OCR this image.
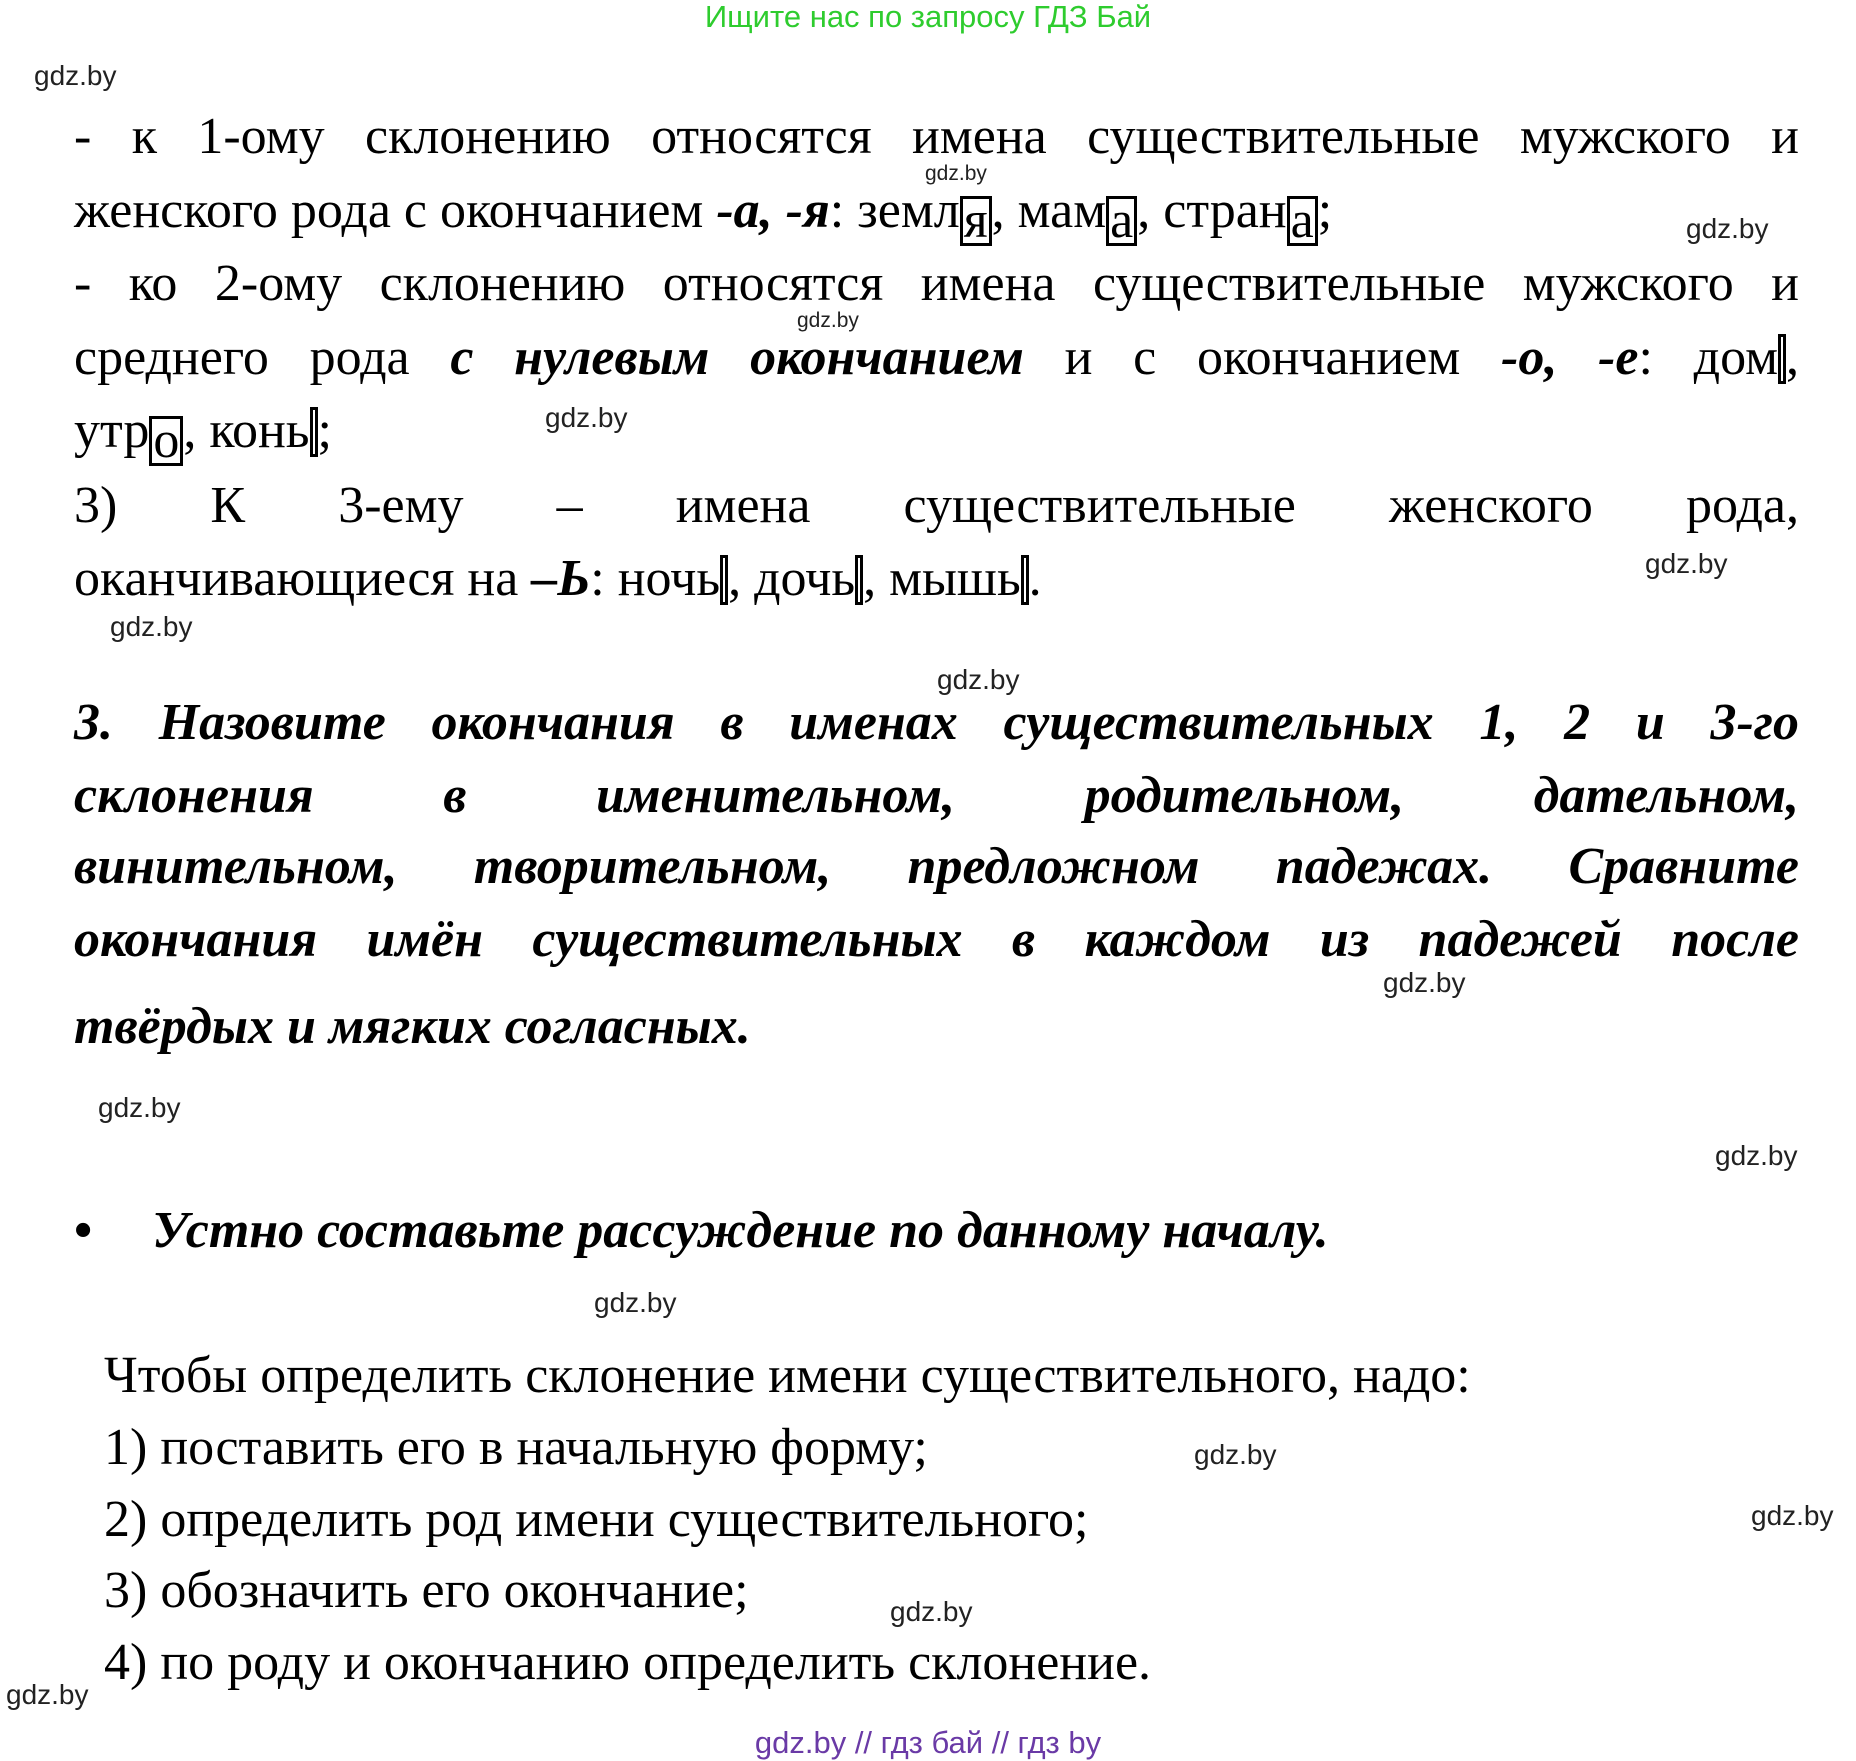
Ищите нас по запросу ГДЗ Бай
- к 1-ому склонению относятся имена существительные мужского и
женского рода с окончанием -а, -я: земля, мама, страна;
- ко 2-ому склонению относятся имена существительные мужского и
среднего рода с нулевым окончанием и с окончанием -о, -е: дом ,
утро, конь ;
3) К 3-ему – имена существительные женского рода,
оканчивающиеся на –Ь: ночь , дочь , мышь .
3. Назовите окончания в именах существительных 1, 2 и 3-го
склонения в именительном, родительном, дательном,
винительном, творительном, предложном падежах. Сравните
окончания имён существительных в каждом из падежей после
твёрдых и мягких согласных.
• Устно составьте рассуждение по данному началу.
Чтобы определить склонение имени существительного, надо:
1) поставить его в начальную форму;
2) определить род имени существительного;
3) обозначить его окончание;
4) по роду и окончанию определить склонение.
gdz.by
gdz.by
gdz.by
gdz.by
gdz.by
gdz.by
gdz.by
gdz.by
gdz.by
gdz.by
gdz.by
gdz.by
gdz.by
gdz.by
gdz.by
gdz.by
gdz.by // гдз бай // гдз by
